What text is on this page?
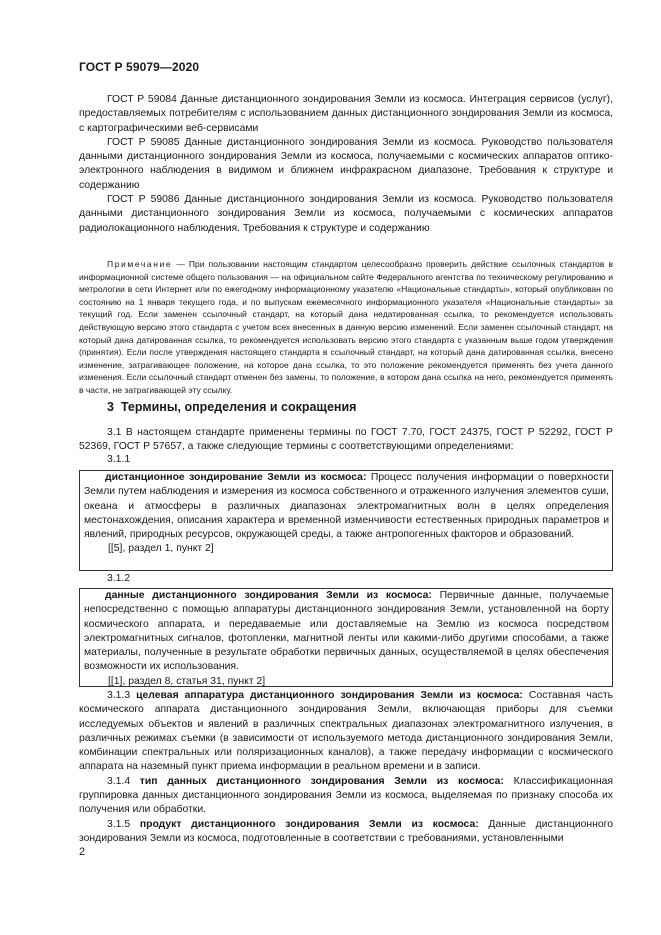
ГОСТ Р 59079—2020

ГОСТ Р 59084 Данные дистанционного зондирования Земли из космоса. Интеграция сервисов (услуг), предоставляемых потребителям с использованием данных дистанционного зондирования Земли из космоса, с картографическими веб-сервисами

ГОСТ Р 59085 Данные дистанционного зондирования Земли из космоса. Руководство пользователя данными дистанционного зондирования Земли из космоса, получаемыми с космических аппаратов оптико-электронного наблюдения в видимом и ближнем инфракрасном диапазоне. Требования к структуре и содержанию

ГОСТ Р 59086 Данные дистанционного зондирования Земли из космоса. Руководство пользователя данными дистанционного зондирования Земли из космоса, получаемыми с космических аппаратов радиолокационного наблюдения. Требования к структуре и содержанию

Примечание — При пользовании настоящим стандартом целесообразно проверить действие ссылочных стандартов в информационной системе общего пользования — на официальном сайте Федерального агентства по техническому регулированию и метрологии в сети Интернет или по ежегодному информационному указателю «Национальные стандарты», который опубликован по состоянию на 1 января текущего года, и по выпускам ежемесячного информационного указателя «Национальные стандарты» за текущий год. Если заменен ссылочный стандарт, на который дана недатированная ссылка, то рекомендуется использовать действующую версию этого стандарта с учетом всех внесенных в данную версию изменений. Если заменен ссылочный стандарт, на который дана датированная ссылка, то рекомендуется использовать версию этого стандарта с указанным выше годом утверждения (принятия). Если после утверждения настоящего стандарта в ссылочный стандарт, на который дана датированная ссылка, внесено изменение, затрагивающее положение, на которое дана ссылка, то это положение рекомендуется применять без учета данного изменения. Если ссылочный стандарт отменен без замены, то положение, в котором дана ссылка на него, рекомендуется применять в части, не затрагивающей эту ссылку.

3 Термины, определения и сокращения

3.1 В настоящем стандарте применены термины по ГОСТ 7.70, ГОСТ 24375, ГОСТ Р 52292, ГОСТ Р 52369, ГОСТ Р 57657, а также следующие термины с соответствующими определениями:

3.1.1

дистанционное зондирование Земли из космоса: Процесс получения информации о поверхности Земли путем наблюдения и измерения из космоса собственного и отраженного излучения элементов суши, океана и атмосферы в различных диапазонах электромагнитных волн в целях определения местонахождения, описания характера и временной изменчивости естественных природных параметров и явлений, природных ресурсов, окружающей среды, а также антропогенных факторов и образований.

[[5], раздел 1, пункт 2]

3.1.2

данные дистанционного зондирования Земли из космоса: Первичные данные, получаемые непосредственно с помощью аппаратуры дистанционного зондирования Земли, установленной на борту космического аппарата, и передаваемые или доставляемые на Землю из космоса посредством электромагнитных сигналов, фотопленки, магнитной ленты или какими-либо другими способами, а также материалы, полученные в результате обработки первичных данных, осуществляемой в целях обеспечения возможности их использования.

[[1], раздел 8, статья 31, пункт 2]

3.1.3 целевая аппаратура дистанционного зондирования Земли из космоса: Составная часть космического аппарата дистанционного зондирования Земли, включающая приборы для съемки исследуемых объектов и явлений в различных спектральных диапазонах электромагнитного излучения, в различных режимах съемки (в зависимости от используемого метода дистанционного зондирования Земли, комбинации спектральных или поляризационных каналов), а также передачу информации с космического аппарата на наземный пункт приема информации в реальном времени и в записи.

3.1.4 тип данных дистанционного зондирования Земли из космоса: Классификационная группировка данных дистанционного зондирования Земли из космоса, выделяемая по признаку способа их получения или обработки.

3.1.5 продукт дистанционного зондирования Земли из космоса: Данные дистанционного зондирования Земли из космоса, подготовленные в соответствии с требованиями, установленными

2
